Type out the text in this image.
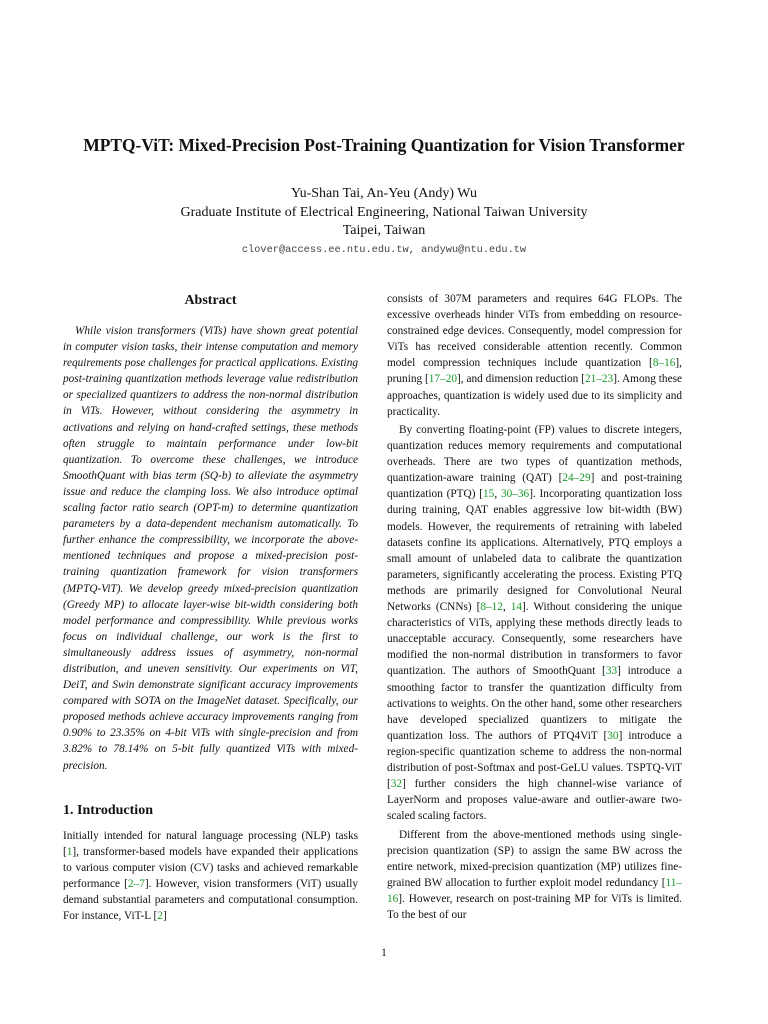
MPTQ-ViT: Mixed-Precision Post-Training Quantization for Vision Transformer
Yu-Shan Tai, An-Yeu (Andy) Wu
Graduate Institute of Electrical Engineering, National Taiwan University
Taipei, Taiwan
clover@access.ee.ntu.edu.tw, andywu@ntu.edu.tw
Abstract
While vision transformers (ViTs) have shown great potential in computer vision tasks, their intense computation and memory requirements pose challenges for practical applications. Existing post-training quantization methods leverage value redistribution or specialized quantizers to address the non-normal distribution in ViTs. However, without considering the asymmetry in activations and relying on hand-crafted settings, these methods often struggle to maintain performance under low-bit quantization. To overcome these challenges, we introduce SmoothQuant with bias term (SQ-b) to alleviate the asymmetry issue and reduce the clamping loss. We also introduce optimal scaling factor ratio search (OPT-m) to determine quantization parameters by a data-dependent mechanism automatically. To further enhance the compressibility, we incorporate the above-mentioned techniques and propose a mixed-precision post-training quantization framework for vision transformers (MPTQ-ViT). We develop greedy mixed-precision quantization (Greedy MP) to allocate layer-wise bit-width considering both model performance and compressibility. While previous works focus on individual challenge, our work is the first to simultaneously address issues of asymmetry, non-normal distribution, and uneven sensitivity. Our experiments on ViT, DeiT, and Swin demonstrate significant accuracy improvements compared with SOTA on the ImageNet dataset. Specifically, our proposed methods achieve accuracy improvements ranging from 0.90% to 23.35% on 4-bit ViTs with single-precision and from 3.82% to 78.14% on 5-bit fully quantized ViTs with mixed-precision.
1. Introduction
Initially intended for natural language processing (NLP) tasks [1], transformer-based models have expanded their applications to various computer vision (CV) tasks and achieved remarkable performance [2–7]. However, vision transformers (ViT) usually demand substantial parameters and computational consumption. For instance, ViT-L [2]
consists of 307M parameters and requires 64G FLOPs. The excessive overheads hinder ViTs from embedding on resource-constrained edge devices. Consequently, model compression for ViTs has received considerable attention recently. Common model compression techniques include quantization [8–16], pruning [17–20], and dimension reduction [21–23]. Among these approaches, quantization is widely used due to its simplicity and practicality.
By converting floating-point (FP) values to discrete integers, quantization reduces memory requirements and computational overheads. There are two types of quantization methods, quantization-aware training (QAT) [24–29] and post-training quantization (PTQ) [15, 30–36]. Incorporating quantization loss during training, QAT enables aggressive low bit-width (BW) models. However, the requirements of retraining with labeled datasets confine its applications. Alternatively, PTQ employs a small amount of unlabeled data to calibrate the quantization parameters, significantly accelerating the process. Existing PTQ methods are primarily designed for Convolutional Neural Networks (CNNs) [8–12, 14]. Without considering the unique characteristics of ViTs, applying these methods directly leads to unacceptable accuracy. Consequently, some researchers have modified the non-normal distribution in transformers to favor quantization. The authors of SmoothQuant [33] introduce a smoothing factor to transfer the quantization difficulty from activations to weights. On the other hand, some other researchers have developed specialized quantizers to mitigate the quantization loss. The authors of PTQ4ViT [30] introduce a region-specific quantization scheme to address the non-normal distribution of post-Softmax and post-GeLU values. TSPTQ-ViT [32] further considers the high channel-wise variance of LayerNorm and proposes value-aware and outlier-aware two-scaled scaling factors.
Different from the above-mentioned methods using single-precision quantization (SP) to assign the same BW across the entire network, mixed-precision quantization (MP) utilizes fine-grained BW allocation to further exploit model redundancy [11–16]. However, research on post-training MP for ViTs is limited. To the best of our
1
